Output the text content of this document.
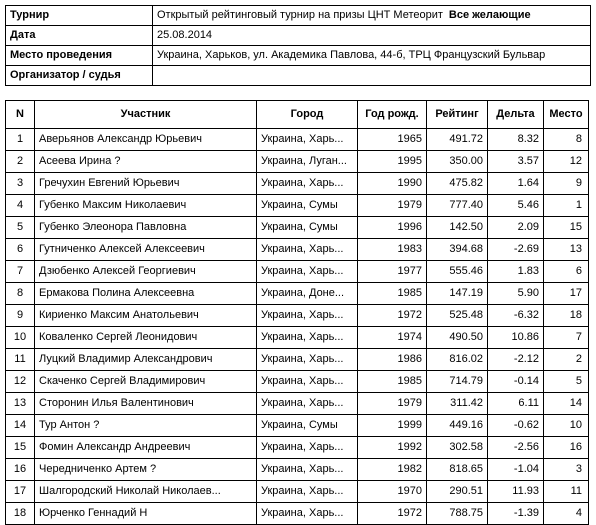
Турнир	Открытый рейтинговый турнир на призы ЦНТ Метеорит Все желающие
Дата	25.08.2014
Место проведения	Украина, Харьков, ул. Академика Павлова, 44-б, ТРЦ Французский Бульвар
Организатор / судья	
N	Участник	Город	Год рожд.	Рейтинг	Дельта	Место
1	Аверьянов Александр Юрьевич	Украина, Харь...	1965	491.72	8.32	8
2	Асеева Ирина ?	Украина, Луган...	1995	350.00	3.57	12
3	Гречухин Евгений Юрьевич	Украина, Харь...	1990	475.82	1.64	9
4	Губенко Максим Николаевич	Украина, Сумы	1979	777.40	5.46	1
5	Губенко Элеонора Павловна	Украина, Сумы	1996	142.50	2.09	15
6	Гутниченко Алексей Алексеевич	Украина, Харь...	1983	394.68	-2.69	13
7	Дзюбенко Алексей Георгиевич	Украина, Харь...	1977	555.46	1.83	6
8	Ермакова Полина Алексеевна	Украина, Доне...	1985	147.19	5.90	17
9	Кириенко Максим Анатольевич	Украина, Харь...	1972	525.48	-6.32	18
10	Коваленко Сергей Леонидович	Украина, Харь...	1974	490.50	10.86	7
11	Луцкий Владимир Александрович	Украина, Харь...	1986	816.02	-2.12	2
12	Скаченко Сергей Владимирович	Украина, Харь...	1985	714.79	-0.14	5
13	Сторонин Илья Валентинович	Украина, Харь...	1979	311.42	6.11	14
14	Тур Антон ?	Украина, Сумы	1999	449.16	-0.62	10
15	Фомин Александр Андреевич	Украина, Харь...	1992	302.58	-2.56	16
16	Чередниченко Артем ?	Украина, Харь...	1982	818.65	-1.04	3
17	Шалгородский Николай Николаев...	Украина, Харь...	1970	290.51	11.93	11
18	Юрченко Геннадий Н	Украина, Харь...	1972	788.75	-1.39	4
